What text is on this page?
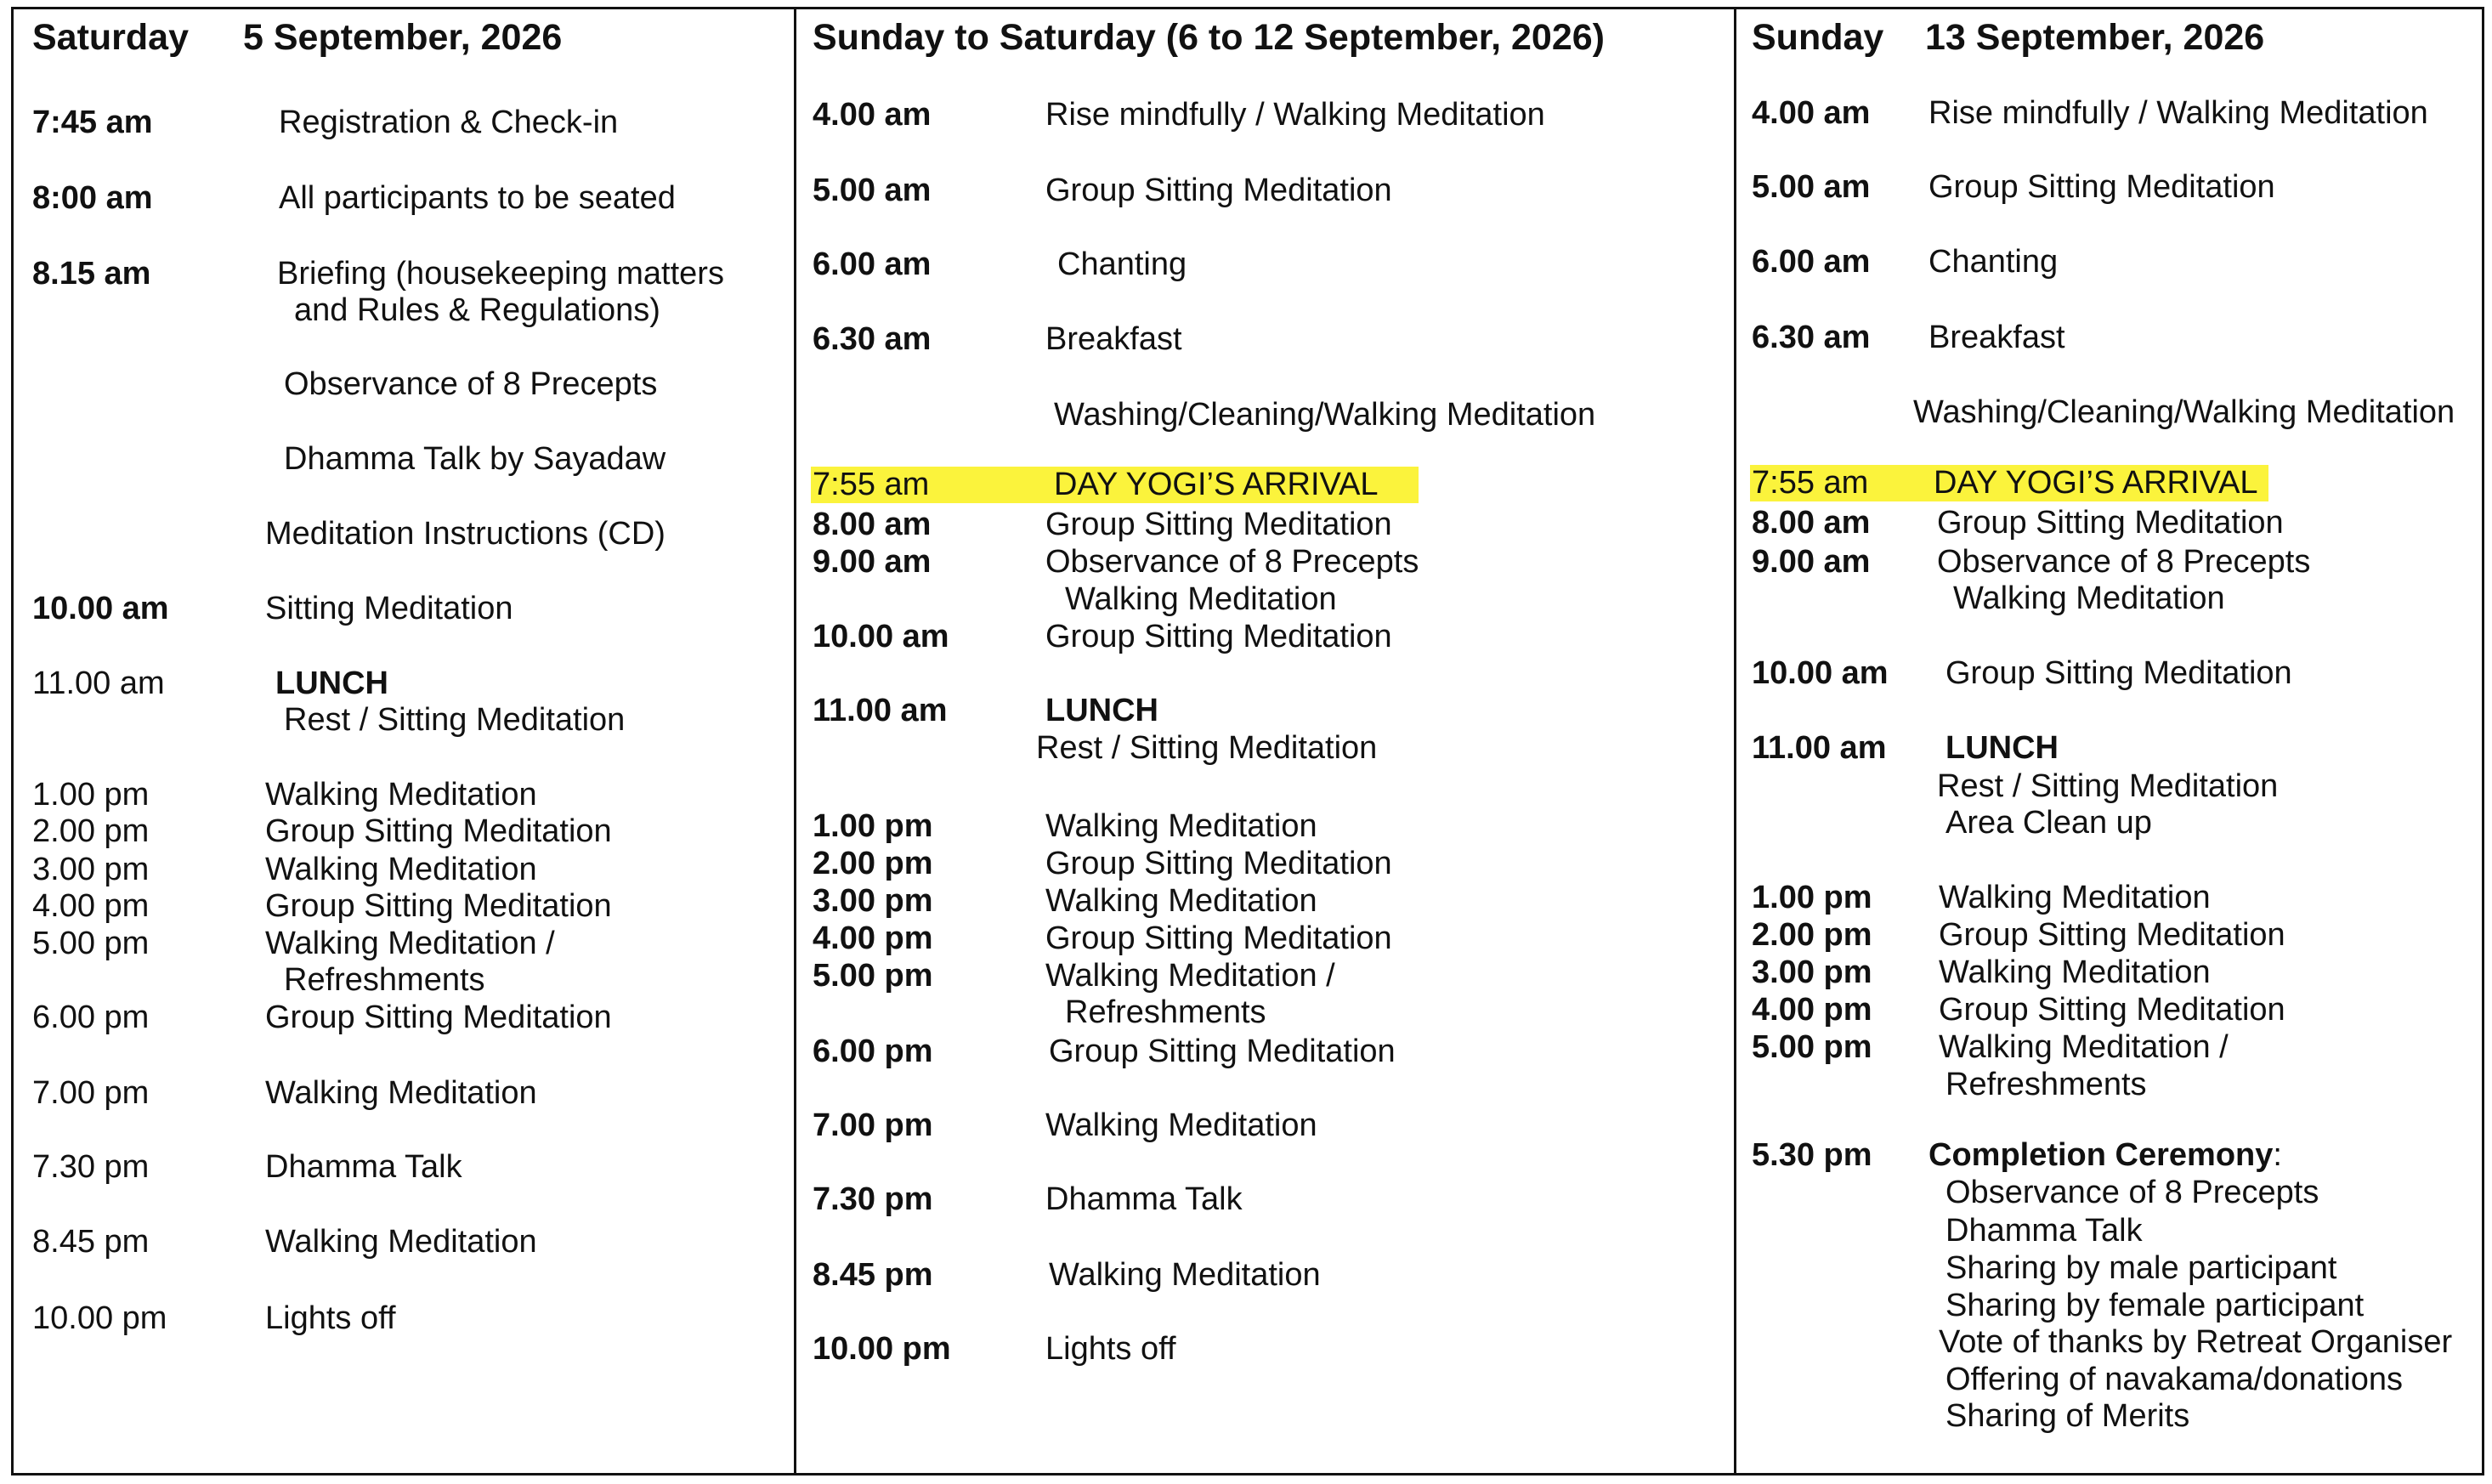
Saturday 5 September, 2026
7:45 am	Registration & Check-in
8:00 am	All participants to be seated
8.15 am	Briefing (housekeeping matters
and Rules & Regulations)
Observance of 8 Precepts
Dhamma Talk by Sayadaw
Meditation Instructions (CD)
10.00 am	Sitting Meditation
11.00 am	LUNCH
Rest / Sitting Meditation
1.00 pm	Walking Meditation
2.00 pm	Group Sitting Meditation
3.00 pm	Walking Meditation
4.00 pm	Group Sitting Meditation
5.00 pm	Walking Meditation /
Refreshments
6.00 pm	Group Sitting Meditation
7.00 pm	Walking Meditation
7.30 pm	Dhamma Talk
8.45 pm	Walking Meditation
10.00 pm	Lights off
Sunday to Saturday (6 to 12 September, 2026)
4.00 am	Rise mindfully / Walking Meditation
5.00 am	Group Sitting Meditation
6.00 am	Chanting
6.30 am	Breakfast
Washing/Cleaning/Walking Meditation
7:55 am	DAY YOGI’S ARRIVAL
8.00 am	Group Sitting Meditation
9.00 am	Observance of 8 Precepts
Walking Meditation
10.00 am	Group Sitting Meditation
11.00 am	LUNCH
Rest / Sitting Meditation
1.00 pm	Walking Meditation
2.00 pm	Group Sitting Meditation
3.00 pm	Walking Meditation
4.00 pm	Group Sitting Meditation
5.00 pm	Walking Meditation /
Refreshments
6.00 pm	Group Sitting Meditation
7.00 pm	Walking Meditation
7.30 pm	Dhamma Talk
8.45 pm	Walking Meditation
10.00 pm	Lights off
Sunday 13 September, 2026
4.00 am Rise mindfully / Walking Meditation
5.00 am Group Sitting Meditation
6.00 am Chanting
6.30 am Breakfast
Washing/Cleaning/Walking Meditation
7:55 am DAY YOGI’S ARRIVAL
8.00 am Group Sitting Meditation
9.00 am Observance of 8 Precepts
Walking Meditation
10.00 am Group Sitting Meditation
11.00 am LUNCH
Rest / Sitting Meditation
Area Clean up
1.00 pm Walking Meditation
2.00 pm Group Sitting Meditation
3.00 pm Walking Meditation
4.00 pm Group Sitting Meditation
5.00 pm Walking Meditation /
Refreshments
5.30 pm Completion Ceremony:
Observance of 8 Precepts
Dhamma Talk
Sharing by male participant
Sharing by female participant
Vote of thanks by Retreat Organiser
Offering of navakama/donations
Sharing of Merits
